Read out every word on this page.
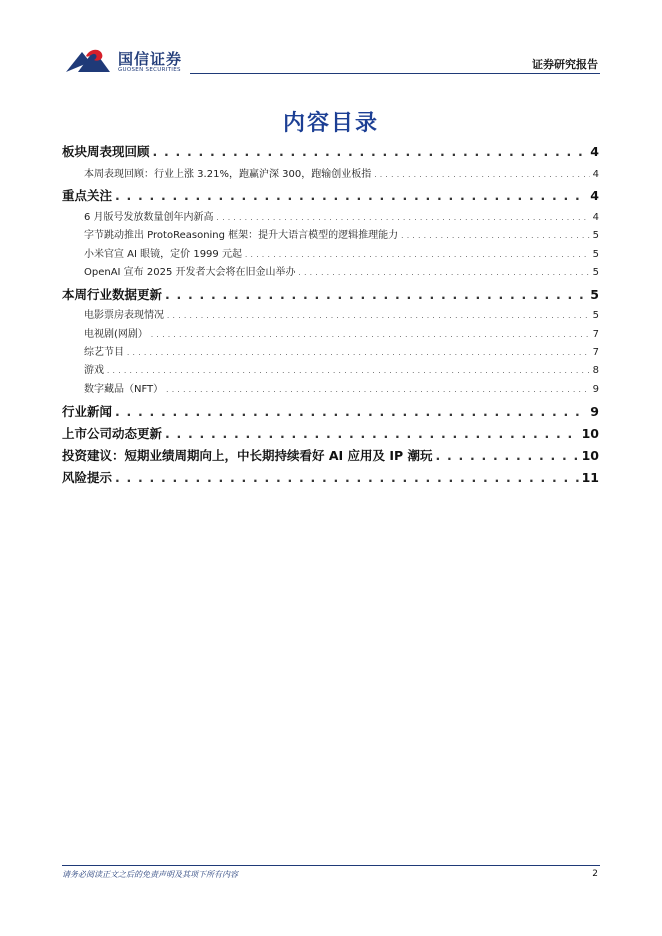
国信证券
GUOSEN SECURITIES	证券研究报告
内容目录
板块周表现回顾 . . .	4
本周表现回顾：行业上涨 3.21%，跑赢沪深 300，跑输创业板指 . . .	4
重点关注 . . .	4
6 月版号发放数量创年内新高 . . .	4
字节跳动推出 ProtoReasoning 框架：提升大语言模型的逻辑推理能力 . . .	5
小米官宣 AI 眼镜，定价 1999 元起 . . .	5
OpenAI 宣布 2025 开发者大会将在旧金山举办 . . .	5
本周行业数据更新 . . .	5
电影票房表现情况 . . .	5
电视剧(网剧） . . .	7
综艺节目 . . .	7
游戏 . . .	8
数字藏品（NFT） . . .	9
行业新闻 . . .	9
上市公司动态更新 . . .	10
投资建议：短期业绩周期向上，中长期持续看好 AI 应用及 IP 潮玩 . . .	10
风险提示 . . .	11
请务必阅读正文之后的免责声明及其项下所有内容	2
